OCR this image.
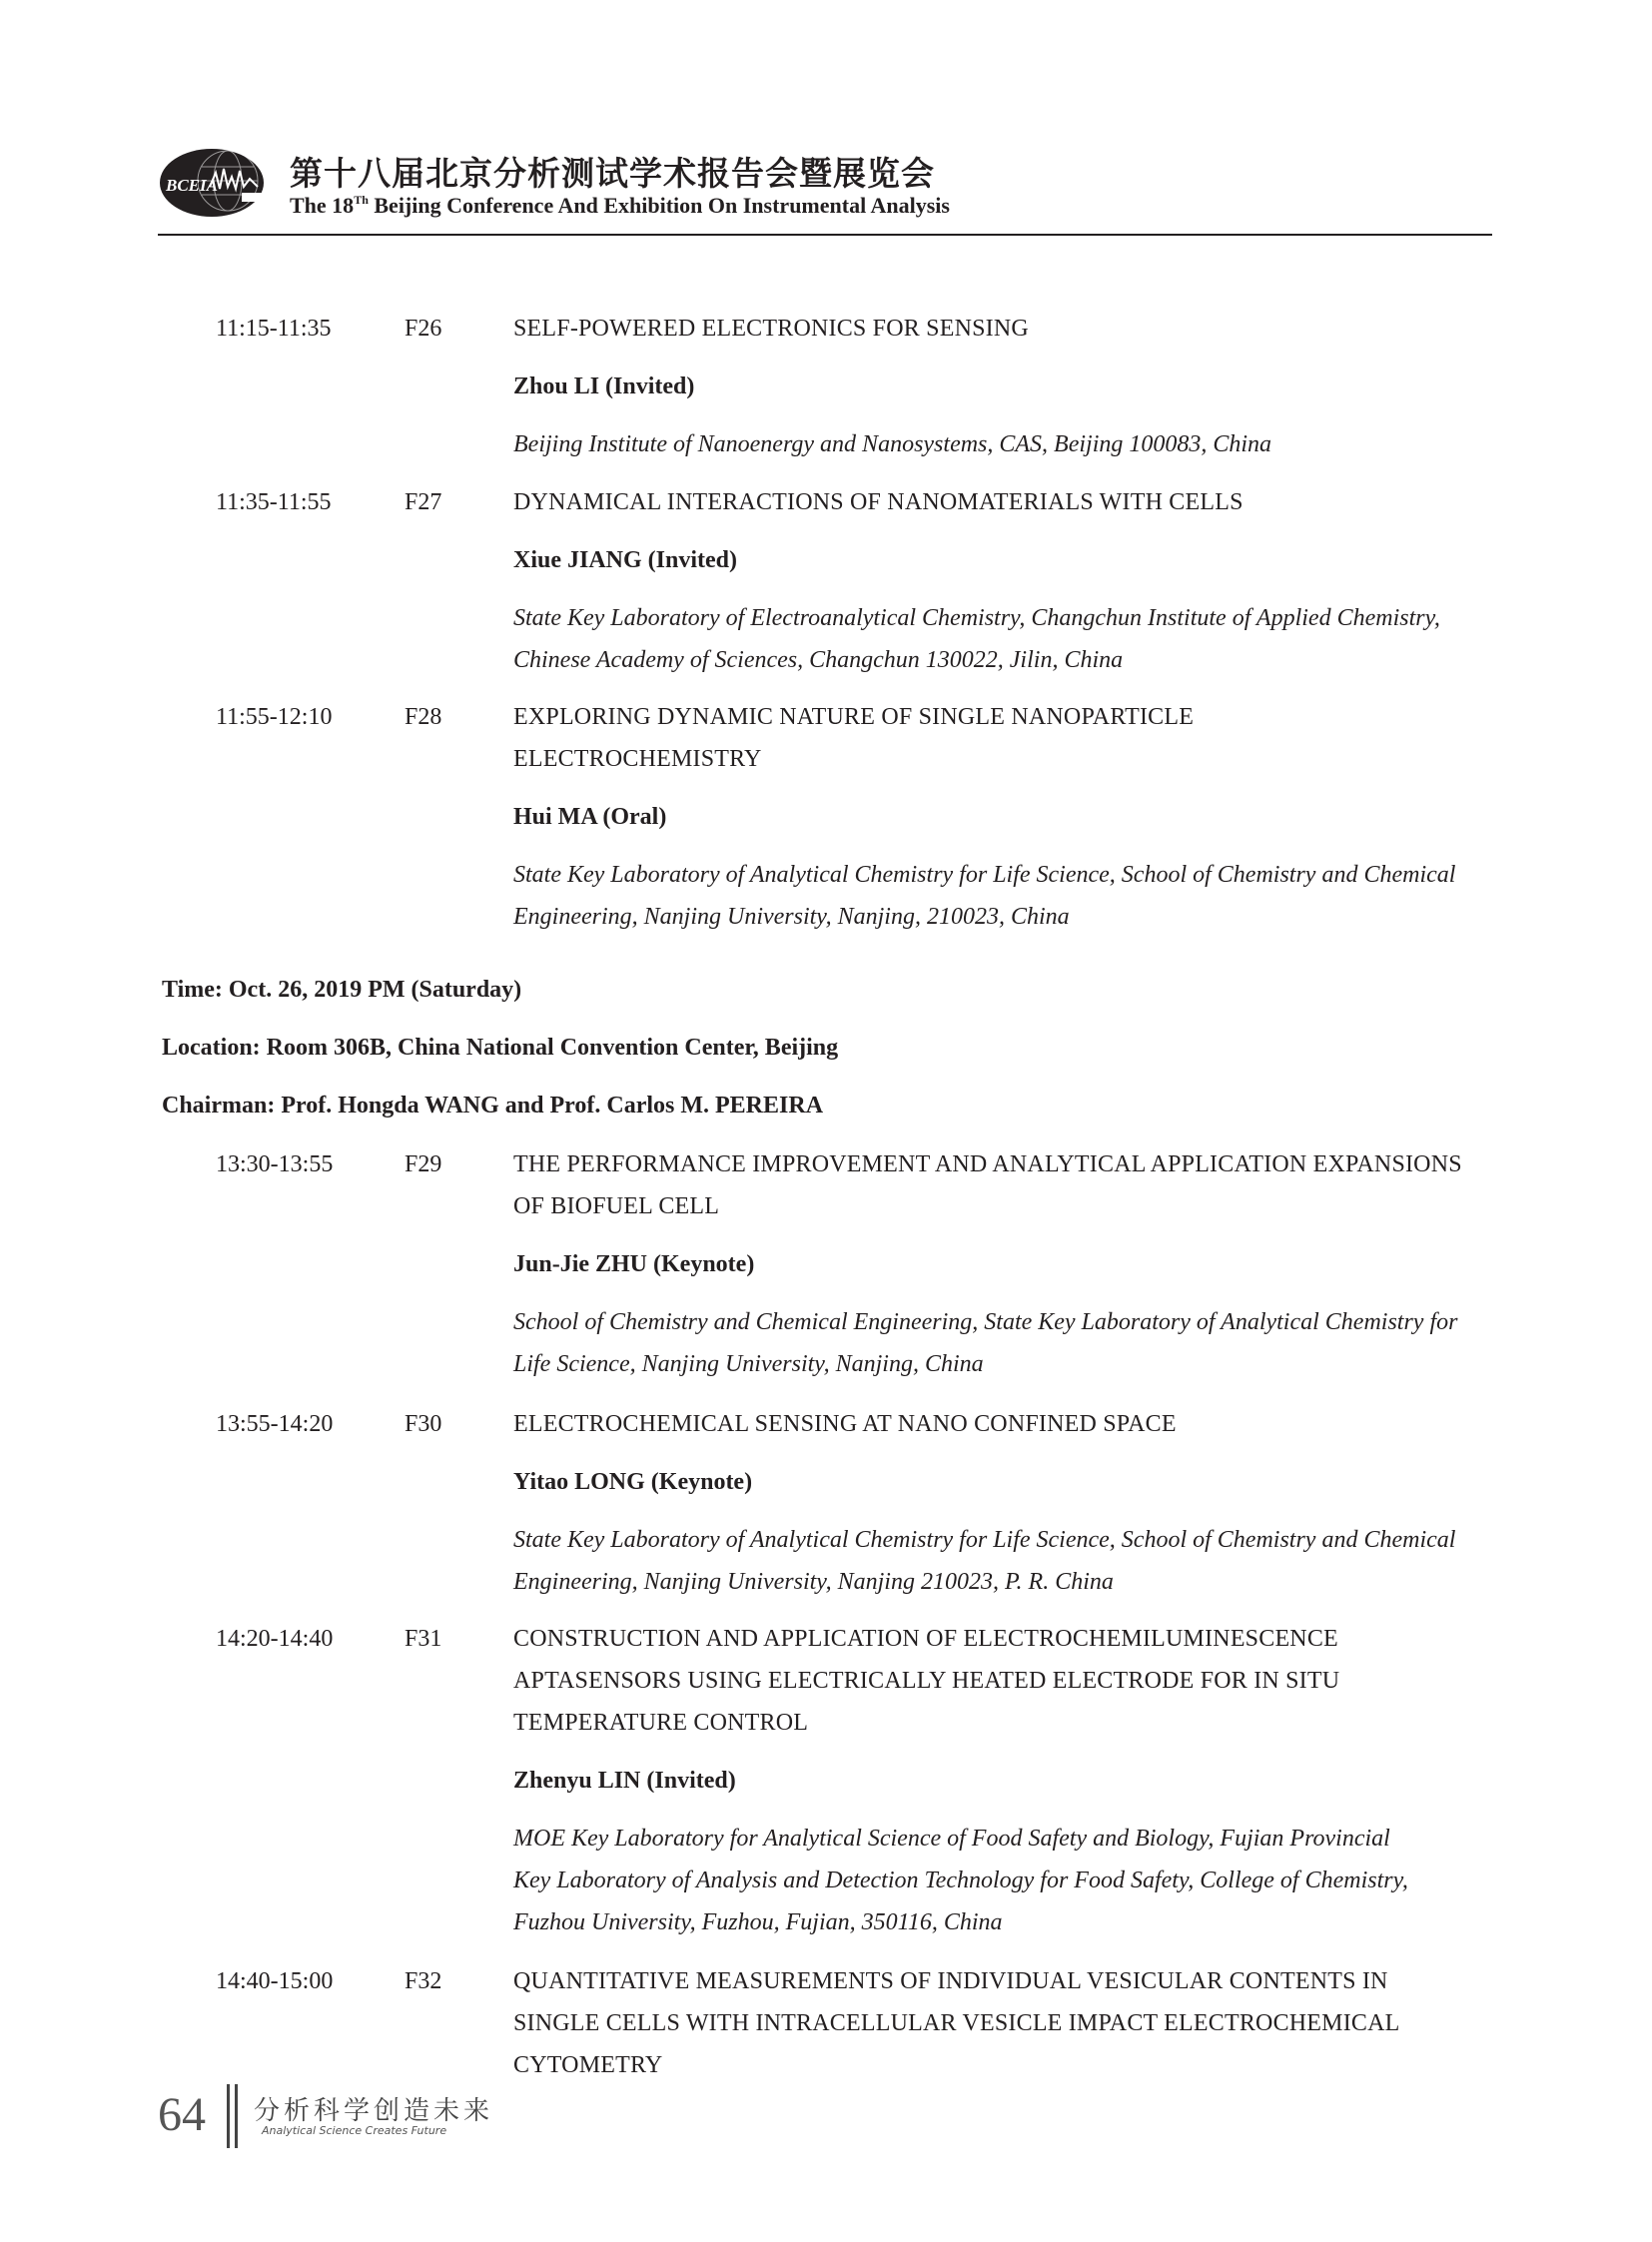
BCEIA 第十八届北京分析测试学术报告会暨展览会
The 18Th Beijing Conference And Exhibition On Instrumental Analysis
11:15-11:35	F26	SELF-POWERED ELECTRONICS FOR SENSING
Zhou LI (Invited)
Beijing Institute of Nanoenergy and Nanosystems, CAS, Beijing 100083, China
11:35-11:55	F27	DYNAMICAL INTERACTIONS OF NANOMATERIALS WITH CELLS
Xiue JIANG (Invited)
State Key Laboratory of Electroanalytical Chemistry, Changchun Institute of Applied Chemistry, Chinese Academy of Sciences, Changchun 130022, Jilin, China
11:55-12:10	F28	EXPLORING DYNAMIC NATURE OF SINGLE NANOPARTICLE ELECTROCHEMISTRY
Hui MA (Oral)
State Key Laboratory of Analytical Chemistry for Life Science, School of Chemistry and Chemical Engineering, Nanjing University, Nanjing, 210023, China
Time: Oct. 26, 2019 PM (Saturday)
Location: Room 306B, China National Convention Center, Beijing
Chairman: Prof. Hongda WANG and Prof. Carlos M. PEREIRA
13:30-13:55	F29	THE PERFORMANCE IMPROVEMENT AND ANALYTICAL APPLICATION EXPANSIONS OF BIOFUEL CELL
Jun-Jie ZHU (Keynote)
School of Chemistry and Chemical Engineering, State Key Laboratory of Analytical Chemistry for Life Science, Nanjing University, Nanjing, China
13:55-14:20	F30	ELECTROCHEMICAL SENSING AT NANO CONFINED SPACE
Yitao LONG (Keynote)
State Key Laboratory of Analytical Chemistry for Life Science, School of Chemistry and Chemical Engineering, Nanjing University, Nanjing 210023, P. R. China
14:20-14:40	F31	CONSTRUCTION AND APPLICATION OF ELECTROCHEMILUMINESCENCE APTASENSORS USING ELECTRICALLY HEATED ELECTRODE FOR IN SITU TEMPERATURE CONTROL
Zhenyu LIN (Invited)
MOE Key Laboratory for Analytical Science of Food Safety and Biology, Fujian Provincial Key Laboratory of Analysis and Detection Technology for Food Safety, College of Chemistry, Fuzhou University, Fuzhou, Fujian, 350116, China
14:40-15:00	F32	QUANTITATIVE MEASUREMENTS OF INDIVIDUAL VESICULAR CONTENTS IN SINGLE CELLS WITH INTRACELLULAR VESICLE IMPACT ELECTROCHEMICAL CYTOMETRY
64 分析科学创造未来
Analytical Science Creates Future
